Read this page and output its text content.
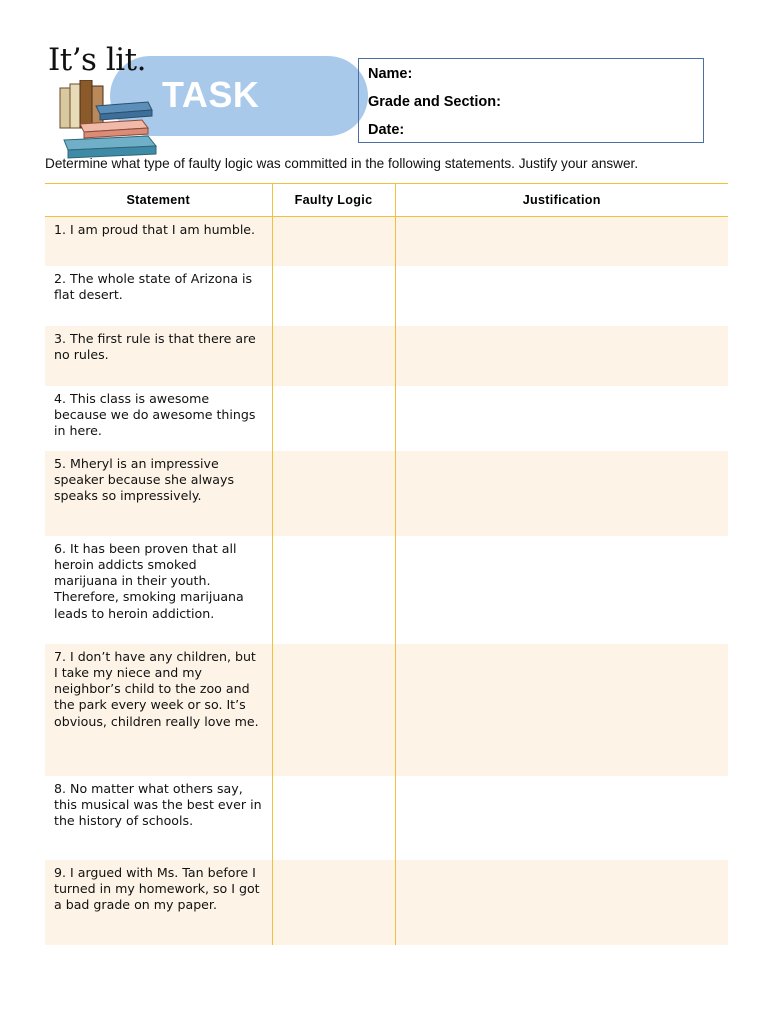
It’s lit.
TASK	Name:
Grade and Section:
Date:
Determine what type of faulty logic was committed in the following statements. Justify your answer.
Statement	Faulty Logic	Justification
1. I am proud that I am humble.		
2. The whole state of Arizona is flat desert.		
3. The first rule is that there are no rules.		
4. This class is awesome because we do awesome things in here.		
5. Mheryl is an impressive speaker because she always speaks so impressively.		
6. It has been proven that all heroin addicts smoked marijuana in their youth. Therefore, smoking marijuana leads to heroin addiction.		
7. I don’t have any children, but I take my niece and my neighbor’s child to the zoo and the park every week or so. It’s obvious, children really love me.		
8. No matter what others say, this musical was the best ever in the history of schools.		
9. I argued with Ms. Tan before I turned in my homework, so I got a bad grade on my paper.		
